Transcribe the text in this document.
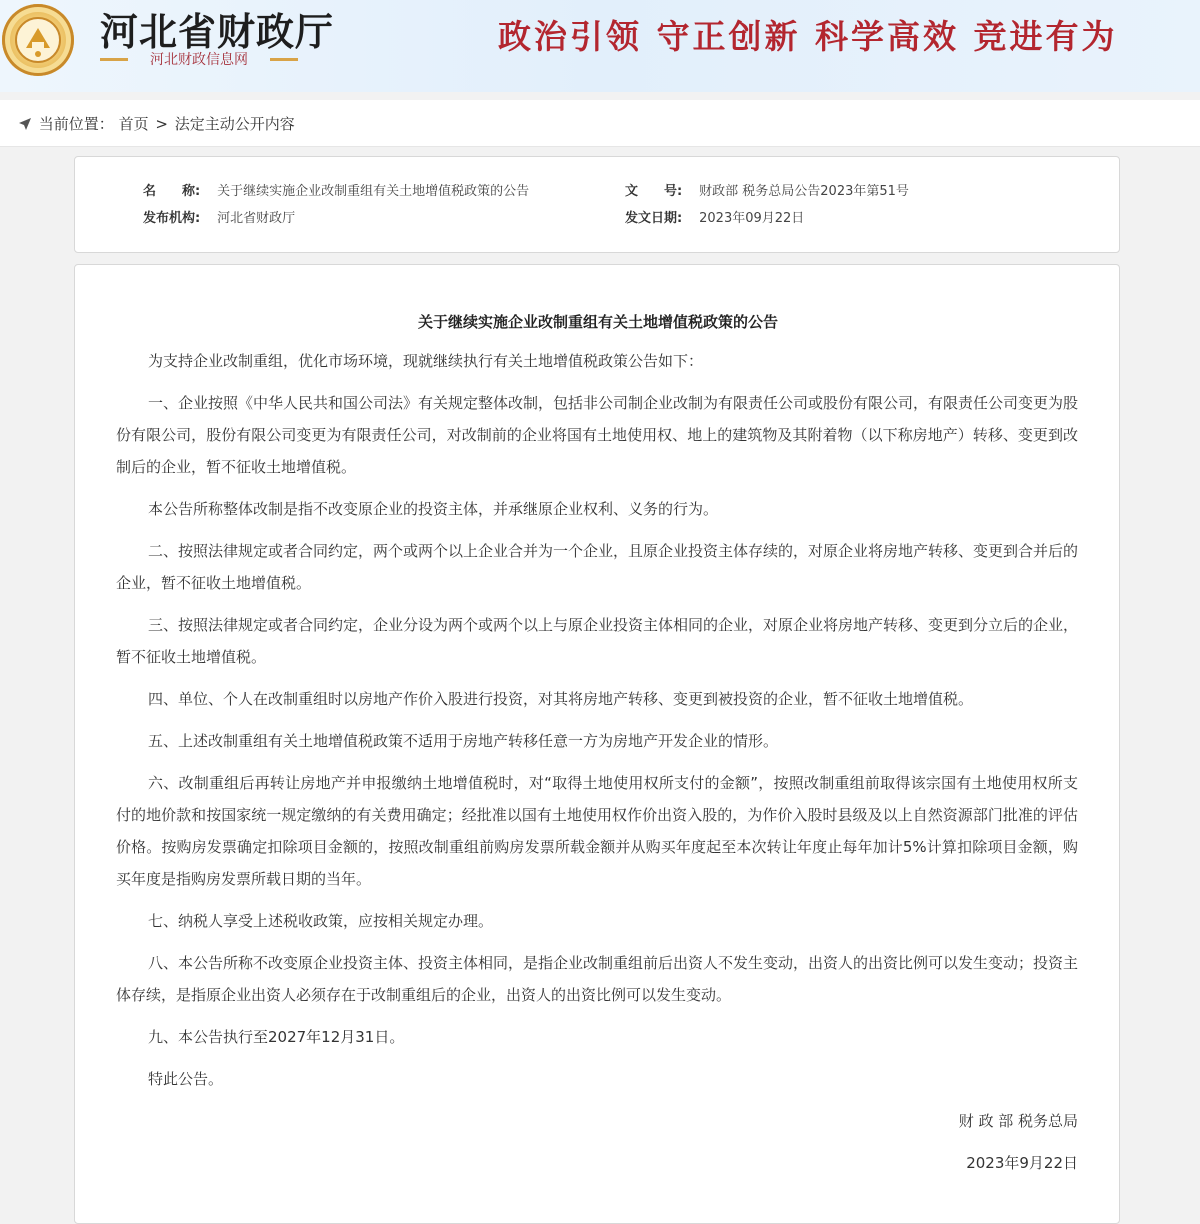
河北省财政厅
河北财政信息网
政治引领 守正创新 科学高效 竞进有为
当前位置： 首页 > 法定主动公开内容
名　　称: 关于继续实施企业改制重组有关土地增值税政策的公告	文　　号: 财政部 税务总局公告2023年第51号
发布机构: 河北省财政厅	发文日期: 2023年09月22日
关于继续实施企业改制重组有关土地增值税政策的公告

为支持企业改制重组，优化市场环境，现就继续执行有关土地增值税政策公告如下：

一、企业按照《中华人民共和国公司法》有关规定整体改制，包括非公司制企业改制为有限责任公司或股份有限公司，有限责任公司变更为股份有限公司，股份有限公司变更为有限责任公司，对改制前的企业将国有土地使用权、地上的建筑物及其附着物（以下称房地产）转移、变更到改制后的企业，暂不征收土地增值税。

本公告所称整体改制是指不改变原企业的投资主体，并承继原企业权利、义务的行为。

二、按照法律规定或者合同约定，两个或两个以上企业合并为一个企业，且原企业投资主体存续的，对原企业将房地产转移、变更到合并后的企业，暂不征收土地增值税。

三、按照法律规定或者合同约定，企业分设为两个或两个以上与原企业投资主体相同的企业，对原企业将房地产转移、变更到分立后的企业，暂不征收土地增值税。

四、单位、个人在改制重组时以房地产作价入股进行投资，对其将房地产转移、变更到被投资的企业，暂不征收土地增值税。

五、上述改制重组有关土地增值税政策不适用于房地产转移任意一方为房地产开发企业的情形。

六、改制重组后再转让房地产并申报缴纳土地增值税时，对“取得土地使用权所支付的金额”，按照改制重组前取得该宗国有土地使用权所支付的地价款和按国家统一规定缴纳的有关费用确定；经批准以国有土地使用权作价出资入股的，为作价入股时县级及以上自然资源部门批准的评估价格。按购房发票确定扣除项目金额的，按照改制重组前购房发票所载金额并从购买年度起至本次转让年度止每年加计5%计算扣除项目金额，购买年度是指购房发票所载日期的当年。

七、纳税人享受上述税收政策，应按相关规定办理。

八、本公告所称不改变原企业投资主体、投资主体相同，是指企业改制重组前后出资人不发生变动，出资人的出资比例可以发生变动；投资主体存续，是指原企业出资人必须存在于改制重组后的企业，出资人的出资比例可以发生变动。

九、本公告执行至2027年12月31日。

特此公告。

财 政 部 税务总局

2023年9月22日
